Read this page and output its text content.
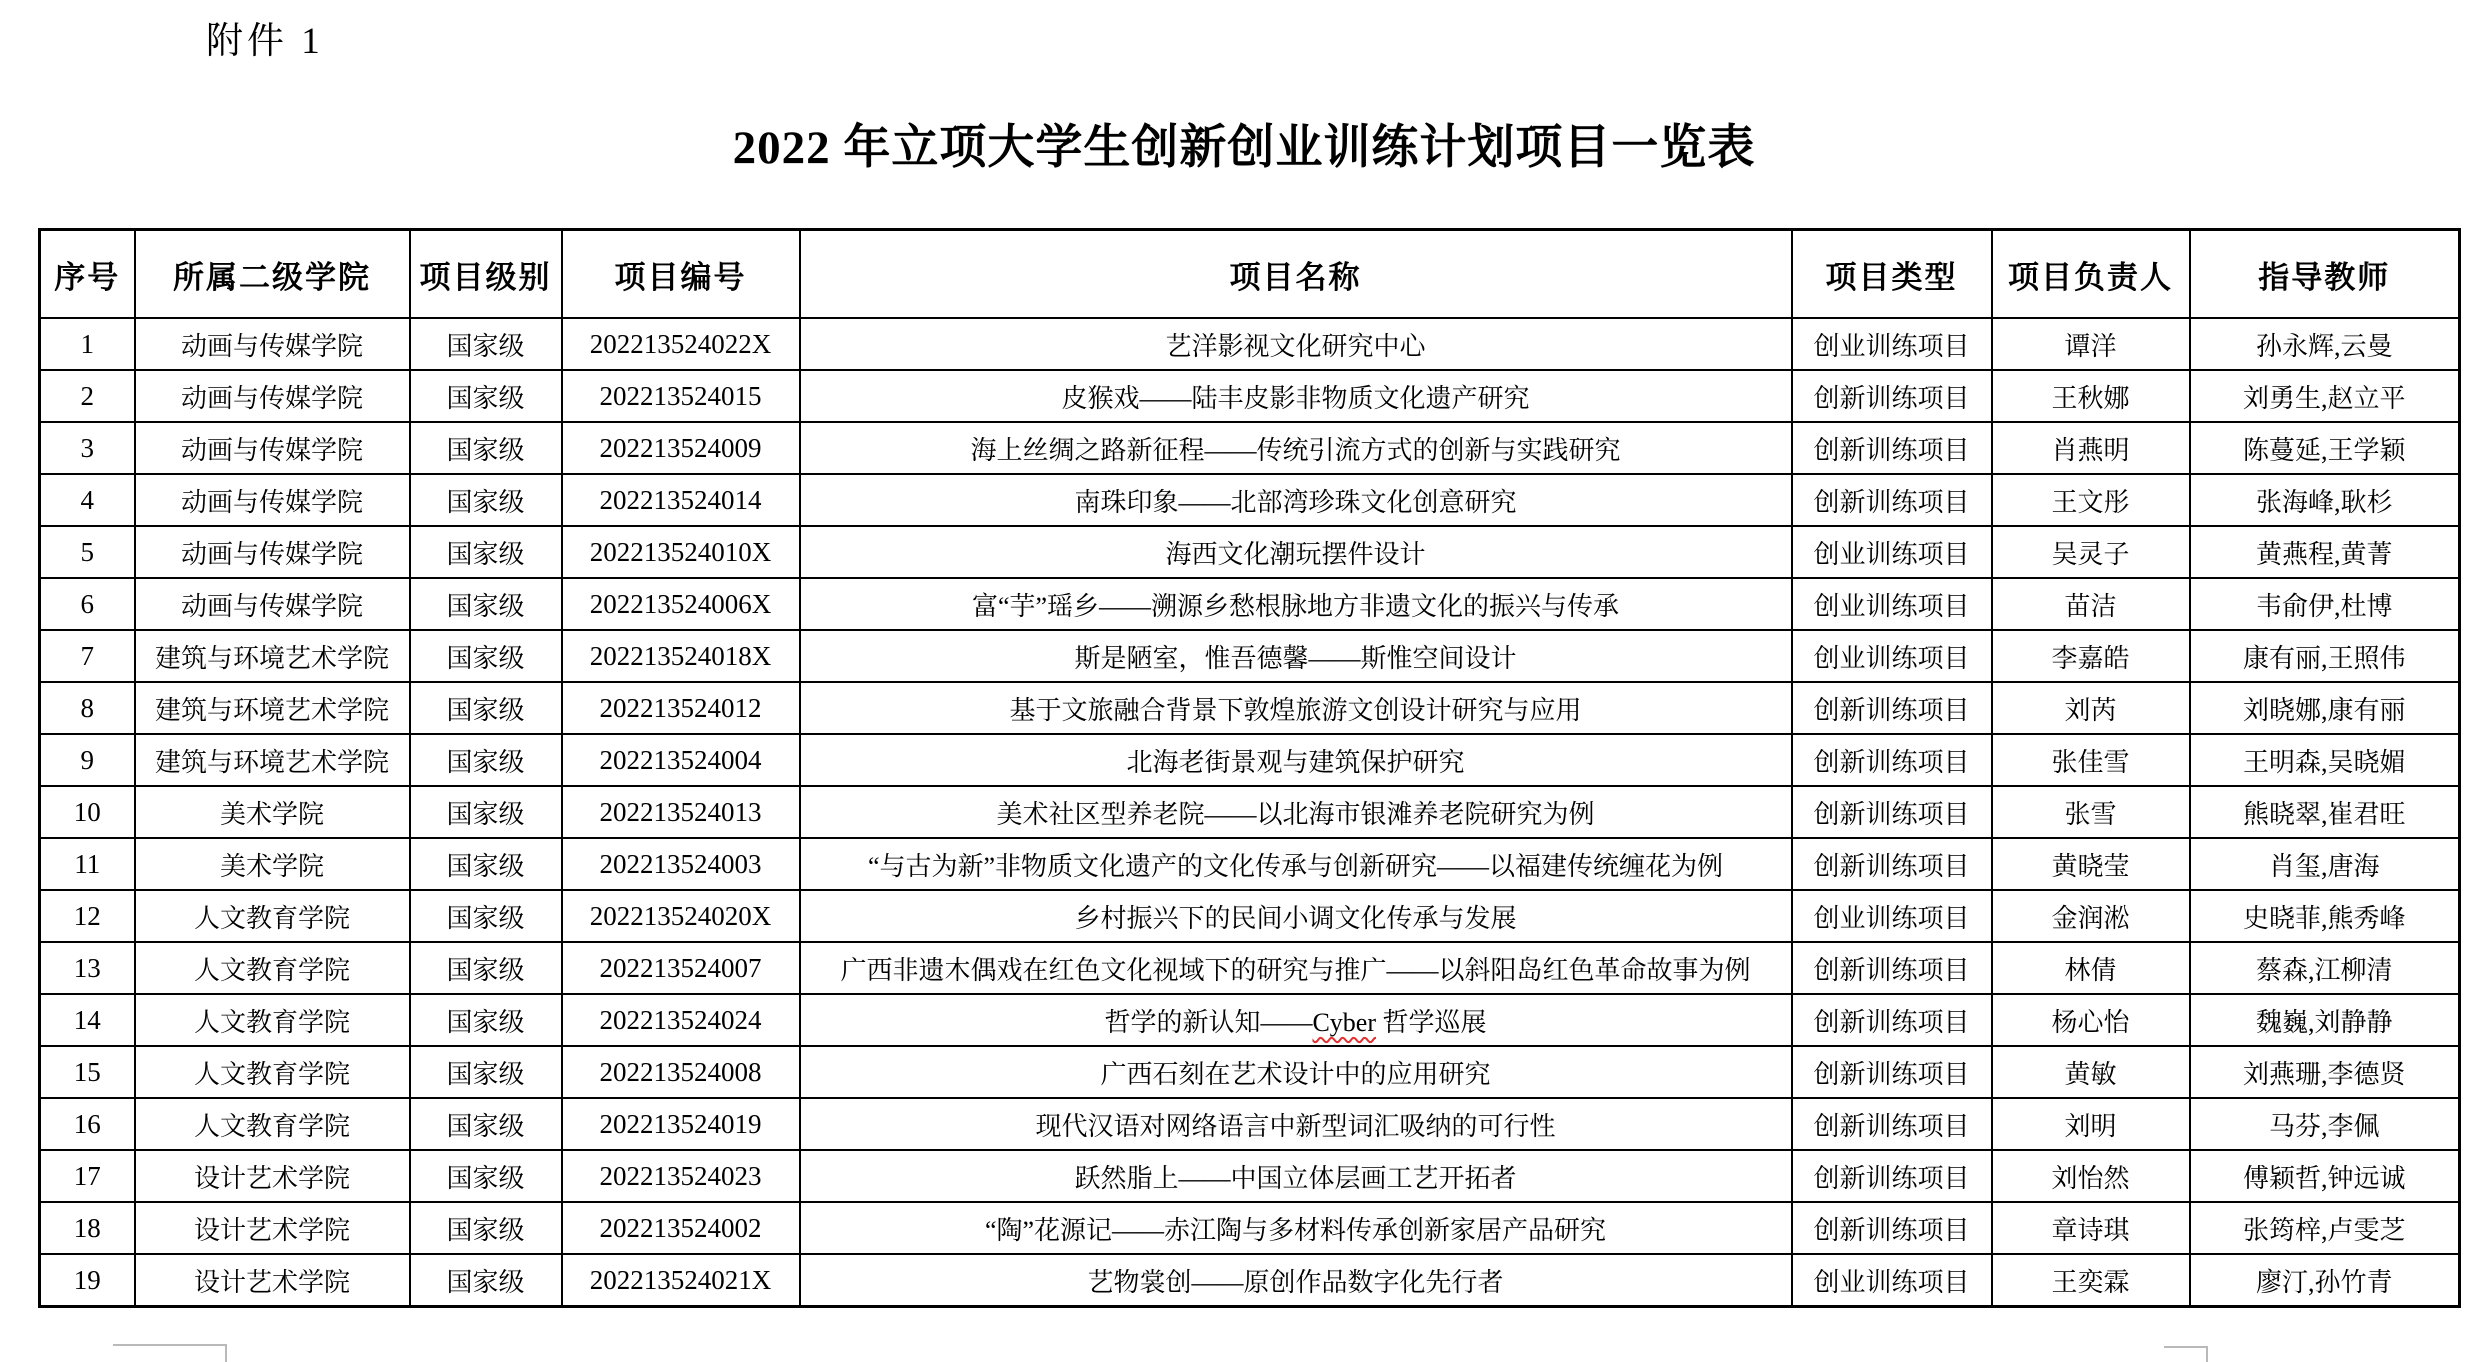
附件 1
2022 年立项大学生创新创业训练计划项目一览表
序号	所属二级学院	项目级别	项目编号	项目名称	项目类型	项目负责人	指导教师
1	动画与传媒学院	国家级	202213524022X	艺洋影视文化研究中心	创业训练项目	谭洋	孙永辉,云曼
2	动画与传媒学院	国家级	202213524015	皮猴戏——陆丰皮影非物质文化遗产研究	创新训练项目	王秋娜	刘勇生,赵立平
3	动画与传媒学院	国家级	202213524009	海上丝绸之路新征程——传统引流方式的创新与实践研究	创新训练项目	肖燕明	陈蔓延,王学颖
4	动画与传媒学院	国家级	202213524014	南珠印象——北部湾珍珠文化创意研究	创新训练项目	王文彤	张海峰,耿杉
5	动画与传媒学院	国家级	202213524010X	海西文化潮玩摆件设计	创业训练项目	吴灵子	黄燕程,黄菁
6	动画与传媒学院	国家级	202213524006X	富“芋”瑶乡——溯源乡愁根脉地方非遗文化的振兴与传承	创业训练项目	苗洁	韦俞伊,杜博
7	建筑与环境艺术学院	国家级	202213524018X	斯是陋室，惟吾德馨——斯惟空间设计	创业训练项目	李嘉皓	康有丽,王照伟
8	建筑与环境艺术学院	国家级	202213524012	基于文旅融合背景下敦煌旅游文创设计研究与应用	创新训练项目	刘芮	刘晓娜,康有丽
9	建筑与环境艺术学院	国家级	202213524004	北海老街景观与建筑保护研究	创新训练项目	张佳雪	王明森,吴晓媚
10	美术学院	国家级	202213524013	美术社区型养老院——以北海市银滩养老院研究为例	创新训练项目	张雪	熊晓翠,崔君旺
11	美术学院	国家级	202213524003	“与古为新”非物质文化遗产的文化传承与创新研究——以福建传统缠花为例	创新训练项目	黄晓莹	肖玺,唐海
12	人文教育学院	国家级	202213524020X	乡村振兴下的民间小调文化传承与发展	创业训练项目	金润淞	史晓菲,熊秀峰
13	人文教育学院	国家级	202213524007	广西非遗木偶戏在红色文化视域下的研究与推广——以斜阳岛红色革命故事为例	创新训练项目	林倩	蔡森,江柳清
14	人文教育学院	国家级	202213524024	哲学的新认知——Cyber 哲学巡展	创新训练项目	杨心怡	魏巍,刘静静
15	人文教育学院	国家级	202213524008	广西石刻在艺术设计中的应用研究	创新训练项目	黄敏	刘燕珊,李德贤
16	人文教育学院	国家级	202213524019	现代汉语对网络语言中新型词汇吸纳的可行性	创新训练项目	刘明	马芬,李佩
17	设计艺术学院	国家级	202213524023	跃然脂上——中国立体层画工艺开拓者	创新训练项目	刘怡然	傅颖哲,钟远诚
18	设计艺术学院	国家级	202213524002	“陶”花源记——赤江陶与多材料传承创新家居产品研究	创新训练项目	章诗琪	张筠梓,卢雯芝
19	设计艺术学院	国家级	202213524021X	艺物裳创——原创作品数字化先行者	创业训练项目	王奕霖	廖汀,孙竹青
